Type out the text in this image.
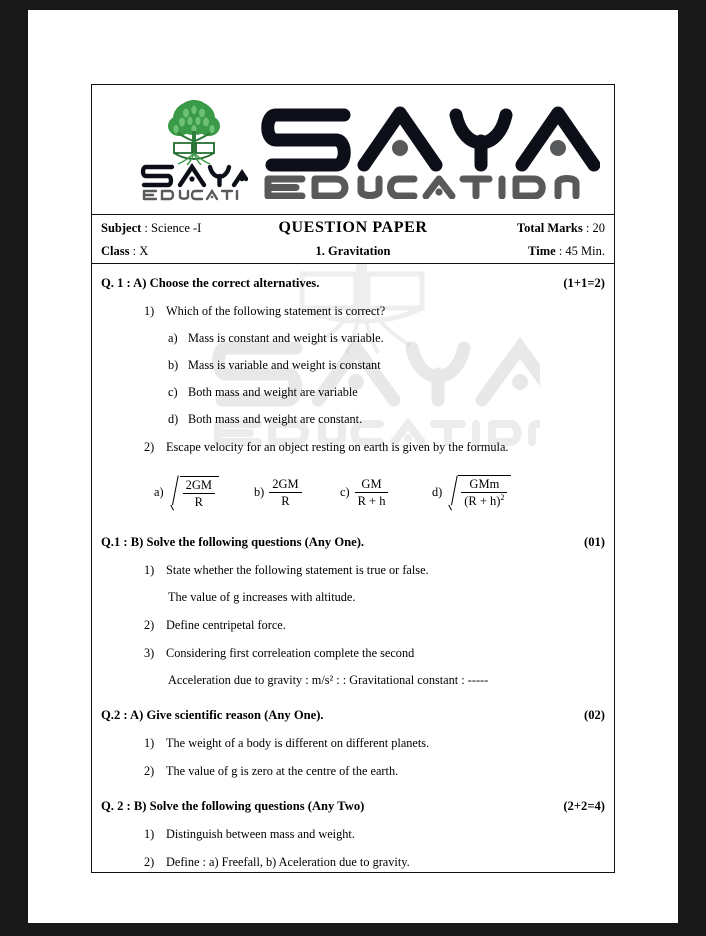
Subject : Science -I	QUESTION PAPER	Total Marks : 20
Class : X	1. Gravitation	Time : 45 Min.
Q. 1 : A) Choose the correct alternatives.	(1+1=2)
1) Which of the following statement is correct?
a) Mass is constant and weight is variable.
b) Mass is variable and weight is constant
c) Both mass and weight are variable
d) Both mass and weight are constant.
2) Escape velocity for an object resting on earth is given by the formula.
$a) \frac{2GM}{R}$	$b) \frac{2GM}{R}$	$c) \frac{GM}{R + h}$	$d) \frac{\text{GMm}}{(R + h)^2}$
Q.1 : B) Solve the following questions (Any One).	(01)
1) State whether the following statement is true or false.
The value of g increases with altitude.
2) Define centripetal force.
3) Considering first correleation complete the second
Acceleration due to gravity : m/s² : : Gravitational constant : -----
Q.2 : A) Give scientific reason (Any One).	(02)
1) The weight of a body is different on different planets.
2) The value of g is zero at the centre of the earth.
Q. 2 : B) Solve the following questions (Any Two)	(2+2=4)
1) Distinguish between mass and weight.
2) Define : a) Freefall, b) Aceleration due to gravity.
